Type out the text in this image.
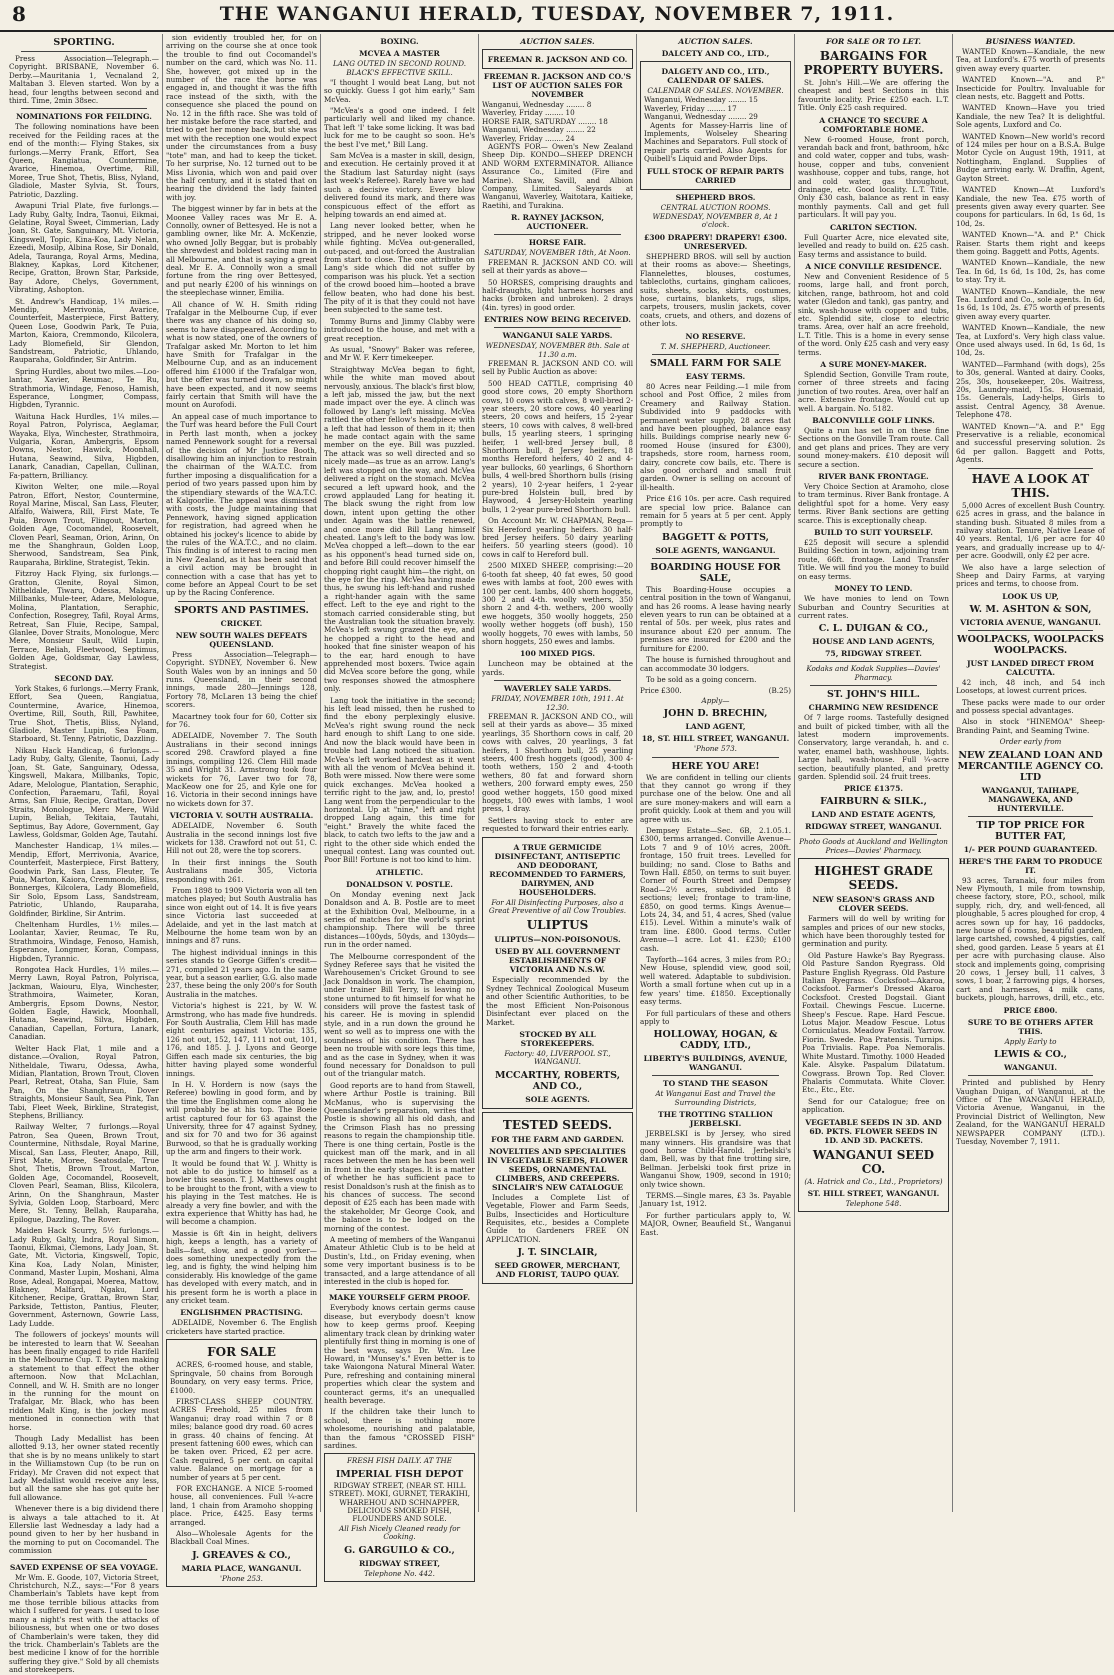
8	THE WANGANUI HERALD, TUESDAY, NOVEMBER 7, 1911.
SPORTING.

Press Association—Telegraph.—Copyright. BRISBANE, November 6. Derby.—Mauritania 1, Vecnaland 2, Maltaban 3. Eleven started. Won by a head, four lengths between second and third. Time, 2min 38sec.

NOMINATIONS FOR FEILDING.

The following nominations have been received for the Feilding races at the end of the month:— Flying Stakes, six furlongs.—Merry Frank, Effort, Sea Queen, Rangiatua, Countermine, Avarice, Hinemoa, Overtime, Rill, Moree, True Shot, Thetis, Bliss, Nyland, Gladiole, Master Sylvia, St. Tours, Patriotic, Dazzling.

Awapuni Trial Plate, five furlongs.—Lady Ruby, Galty, Indra, Taonui, Eikmai, Gelatine, Royal Sweet, Cimmerian, Lady Joan, St. Gate, Sanguinary, Mt. Victoria, Kingswell, Topic, Kina-Koa, Lady Nelan, Ezeedi, Mosilp, Albina Rose, Sir Donald, Adela, Tauranga, Royal Arms, Medina, Blakney, Kapkas, Lord Kitchener, Recipe, Gratton, Brown Star, Parkside, Bay Adore, Chelys, Government, Vibrating, Ashopton.

St. Andrew's Handicap, 1¼ miles.—Mendip, Merrivonia, Avarice, Counterfeit, Masterpiece, First Battery, Queen Lose, Goodwin Park, Te Puia, Marton, Kaiora, Cremmondo, Kilcolera, Lady Blomefield, Sir Glendon, Sandstream, Patriotic, Uhlando, Rauparaha, Goldfinder, Sir Antrim.

Spring Hurdles, about two miles.—Loo-lantar, Xavier, Reumac, Te Ru, Strathmoria, Windage, Fenoso, Hamish, Esperance, Longmer, Compass, Higbden, Tyrannic.

Waituna Hack Hurdles, 1¼ miles.—Royal Patron, Polyrisca, Aeglamar, Wayaka, Elya, Winchester, Strathmoira, Vulgaria, Koran, Ambergris, Epsom Downs, Nestor, Hawick, Moonhall, Hutana, Seawind, Silva, Higbden, Lanark, Canadian, Capellan, Cullinan, Fa-pattern, Brilliancy.

Kiwiton Welter, one mile.—Royal Patron, Effort, Nestor, Countermine, Royal Marine, Miscal, San Lass, Fleuter, Alfalfo, Waiwera, Rill, First Mate, Te Puia, Brown Trout, Flingout, Marton, Golden Age, Cocomandel, Roosevelt, Cloven Pearl, Seaman, Orion, Arinn, On me the Shanghraun, Golden Loop, Sherwood, Sandstream, Sea Pink, Rauparaha, Birkline, Strategist, Tekin.

Fitzroy Hack Flying, six furlongs.—Gratton, Glenite, Royal Simon, Nitheldale, Tiwaru, Odessa, Makara, Millbanks, Mule-teer, Adare, Melologue, Molina, Plantation, Seraphic, Confection, Rosegrey, Tafil, Royal Arms, Retreat, San Fluie, Recipe, Sampal, Glanlee, Dover Straits, Monologue, Merc Mere, Monsieur Sault, Wild Lupin, Terrace, Beliah, Fleetwood, Septimus, Golden Age, Goldsmar, Gay Lawless, Strategist.

SECOND DAY.

York Stakes, 6 furlongs.—Merry Frank, Effort, Sea Queen, Rangiatua, Countermine, Avarice, Hinemoa, Overtime, Rill, South, Rill, Pawhitee, True Shot, Thetis, Bliss, Nyland, Gladiole, Master Lupin, Sea Foam, Starboard, St. Tenny, Patriotic, Dazzling.

Nikau Hack Handicap, 6 furlongs.—Lady Ruby, Galty, Glenite, Taonui, Lady Joan, St. Gate, Sanguinary, Odessa, Kingswell, Makara, Millbanks, Topic, Adare, Melologue, Plantation, Seraphic, Confection, Paraemaru, Tafil, Royal Arms, San Fluie, Recipe, Grattan, Dover Straits, Monologue, Merc Mere, Wild Lupin, Beliah, Tekitaia, Tautahi, Septimus, Bay Adore, Government, Gay Lawless, Goldsmar, Golden Age, Tautahi.

Manchester Handicap, 1¼ miles.—Mendip, Effort, Merrivonia, Avarice, Counterfeit, Masterpiece, First Battery, Goodwin Park, San Lass, Fleuter, Te Puia, Marton, Kaiora, Cremmondo, Bliss, Bonnerges, Kilcolera, Lady Blomefield, Sir Solo, Epsom Lass, Sandstream, Patriotic, Uhlando, Rauparaha, Goldfinder, Birkline, Sir Antrim.

Cheltenham Hurdles, 1½ miles.—Loolantar, Xavier, Reumac, Te Ru, Strathmoira, Windage, Fenoso, Hamish, Esperance, Longmer, Koran, Compass, Higbden, Tyrannic.

Rongotea Hack Hurdles, 1½ miles.—Merry Lawn, Royal Patron, Polyrisca, Jackman, Waiouru, Elya, Winchester, Strathmoira, Waimeter, Koran, Ambergris, Epsom Downs, Nestor, Golden Eagle, Hawick, Moonhall, Hutana, Seawind, Silva, Higbden, Canadian, Capellan, Fortura, Lanark, Canadian.

Welter Hack Flat, 1 mile and a distance.—Ovalion, Royal Patron, Nitheldale, Tiwaru, Odessa, Awha, Midian, Plantation, Brown Trout, Cloven Pearl, Retreat, Otaha, San Fluie, Sam Pan, On the Shanghraun, Dover Straights, Monsieur Sault, Sea Pink, Tan Tabi, Fleet Week, Birkline, Strategist, Stephens, Brilliancy.

Railway Welter, 7 furlongs.—Royal Patron, Sea Queen, Brown Trout, Countermine, Nithsdale, Royal Marine, Miscal, San Lass, Fleuter, Anapo, Rill, First Mate, Moree, Seatosdale, True Shot, Thetis, Brown Trout, Marton, Golden Age, Cocomandel, Roosevelt, Cloven Pearl, Seaman, Bliss, Kilcolera, Arinn, On the Shanghraun, Master Sylvia, Golden Loop, Starboard, Merc Mere, St. Tenny, Bellah, Rauparaha, Epilogue, Dazzling, The Rover.

Maiden Hack Scurry, 5½ furlongs.—Lady Ruby, Galty, Indra, Royal Simon, Taonui, Elkmai, Clemons, Lady Joan, St. Gate, Mt. Victoria, Kingswell, Topic, Kina Koa, Lady Nolan, Minister, Conmand, Master Lupin, Moshani, Alma Rose, Adeal, Rongapai, Moerea, Mattow, Blakney, Malfard, Ngaku, Lord Kitchener, Recipe, Grattan, Brown Star, Parkside, Tettiston, Pantius, Fleuter, Government, Asternown, Gowrie Lass, Lady Ludde.

The followers of jockeys' mounts will be interested to learn that W. Seeahan has been finally engaged to ride Harifell in the Melbourne Cup. T. Payten making a statement to that effect the other afternoon. Now that McLachlan, Connell, and W. H. Smith are no longer in the running for the mount on Trafalgar, Mr. Black, who has been ridden Malt King, is the jockey most mentioned in connection with that horse.

Though Lady Medallist has been allotted 9.13, her owner stated recently that she is by no means unlikely to start in the Williamstown Cup (to be run on Friday). Mr Craven did not expect that Lady Medallist would receive any less, but all the same she has got quite her full allowance.

Whenever there is a big dividend there is always a tale attached to it. At Ellerslie last Wednesday a lady had a pound given to her by her husband in the morning to put on Cocomandel. The commission

SAVED EXPENSE OF SEA VOYAGE.

Mr Wm. E. Goode, 107, Victoria Street, Christchurch, N.Z., says:—"For 8 years Chamberlain's Tablets have kept from me those terrible bilious attacks from which I suffered for years. I used to lose many a night's rest with the attacks of biliousness, but when one or two doses of Chamberlain's were taken, they did the trick. Chamberlain's Tablets are the best medicine I know of for the horrible suffering they give." Sold by all chemists and storekeepers.

sion evidently troubled her, for on arriving on the course she at once took the trouble to find out Cocomandel's number on the card, which was No. 11. She, however, got mixed up in the number of the race the horse was engaged in, and thought it was the fifth race instead of the sixth, with the consequence she placed the pound on No. 12 in the fifth race. She was told of her mistake before the race started, and tried to get her money back, but she was met with the reception one would expect under the circumstances from a busy "tote" man, and had to keep the ticket. To her surprise, No. 12 turned out to be Miss Livonia, which won and paid over the half century, and it is stated that on hearing the dividend the lady fainted with joy.

The biggest winner by far in bets at the Moonee Valley races was Mr E. A. Connolly, owner of Bettesyed. He is not a gambling owner, like Mr. A. McKenzie, who owned Jolly Beggar, but is probably the shrewdest and boldest racing man in all Melbourne, and that is saying a great deal. Mr E. A. Connolly won a small fortune from the ring over Bettesyed, and put nearly £200 of his winnings on the steeplechase winner, Emilia.

All chance of W. H. Smith riding Trafalgar in the Melbourne Cup, if ever there was any chance of his doing so, seems to have disappeared. According to what is now stated, one of the owners of Trafalgar asked Mr. Morton to let him have Smith for Trafalgar in the Melbourne Cup, and as an inducement offered him £1000 if the Trafalgar won, but the offer was turned down, so might have been expected, and it now seems fairly certain that Smith will have the mount on Aurofodi.

An appeal case of much importance to the Turf was heard before the Full Court in Perth last month, when a jockey named Pennework sought for a reversal of the decision of Mr Justice Booth, disallowing him an injunction to restrain the chairman of the W.A.T.C. from further imposing a disqualification for a period of two years passed upon him by the stipendiary stewards of the W.A.T.C. at Kalgoorlie. The appeal was dismissed with costs, the Judge maintaining that Pennework, having signed application for registration, had agreed when he obtained his jockey's licence to abide by the rules of the W.A.T.C., and no claim. This finding is of interest to racing men in New Zealand, as it has been said that a civil action may be brought in connection with a case that has yet to come before an Appeal Court to be set up by the Racing Conference.

SPORTS AND PASTIMES.
CRICKET.
NEW SOUTH WALES DEFEATS QUEENSLAND.

Press Association—Telegraph—Copyright. SYDNEY, November 6. New South Wales won by an innings and 50 runs. Queensland, in their second innings, made 280—Jennings 128, Fortory 78, McLaren 13 being the chief scorers.

Macartney took four for 60, Cotter six for 76.

ADELAIDE, November 7. The South Australians in their second innings scored 298. Crawford played a fine innings, compiling 126. Clem Hill made 35 and Wright 31. Armstrong took four wickets for 76, Laver two for 78, MacKeow one for 25, and Kyle one for 16. Victoria in their second innings have no wickets down for 37.

VICTORIA V. SOUTH AUSTRALIA.

ADELAIDE, November 6. South Australia in the second innings lost five wickets for 138. Crawford not out 51, C. Hill not out 28, were the top scorers.

In their first innings the South Australians made 305, Victoria responding with 261.

From 1898 to 1909 Victoria won all ten matches played; but South Australia has since won eight out of 14. It is five years since Victoria last succeeded at Adelaide, and yet in the last match at Melbourne the home team won by an innings and 87 runs.

The highest individual innings in this series stands to George Giffen's credit—271, compiled 21 years ago. In the same year, but a season earlier, G.G. also made 237, these being the only 200's for South Australia in the matches.

Victoria's highest is 221, by W. W. Armstrong, who has made five hundreds. For South Australia, Clem Hill has made eight centuries against Victoria: 135, 126 not out, 152, 147, 111 not out, 101, 176, and 185. J. J. Lyons and George Giffen each made six centuries, the big hitter having played some wonderful innings.

In H. V. Hordern is now (says the Referee) bowling in good form, and by the time the Englishmen come along he will probably be at his top. The Boeie artist captured four for 63 against the University, three for 47 against Sydney, and six for 70 and two for 36 against Burwood, so that he is gradually working up the arm and fingers to their work.

It would be found that W. J. Whitty is not able to do justice to himself as a bowler this season. T. J. Matthews ought to be brought to the front, with a view to his playing in the Test matches. He is already a very fine bowler, and with the extra experience that Whitty has had, he will become a champion.

Massie is 6ft 4in in height, delivers high, keeps a length, has a variety of balls—fast, slow, and a good yorker—does something unexpectedly from the leg, and is fighty, the wind helping him considerably. His knowledge of the game has developed with every match, and in his present form he is worth a place in any cricket team.

ENGLISHMEN PRACTISING.

ADELAIDE, November 6. The English cricketers have started practice.

FOR SALE

ACRES, 6-roomed house, and stable, Springvale, 50 chains from Borough Boundary, on very easy terms. Price, £1000.

FIRST-CLASS SHEEP COUNTRY. ACRES Freehold, 25 miles from Wanganui; dray road within 7 or 8 miles; balance good dry road. 60 acres in grass. 40 chains of fencing. At present fattening 600 ewes, which can be taken over. Priced, £2 per acre. Cash required, 5 per cent. on capital value. Balance on mortgage for a number of years at 5 per cent.

FOR EXCHANGE. A NICE 5-roomed house, all conveniences. Full ¼-acre land, 1 chain from Aramoho shopping place. Price, £425. Easy terms arranged.

Also—Wholesale Agents for the Blackball Coal Mines.

J. GREAVES & CO.,
MARIA PLACE, WANGANUI.
'Phone 253.
BOXING.
MCVEA A MASTER
LANG OUTED IN SECOND ROUND.
BLACK'S EFFECTIVE SKILL.

"I thought I would beat Lang, but not so quickly. Guess I got him early," Sam McVea.

"McVea's a good one indeed. I felt particularly well and liked my chance. That left 'I' take some licking. It was bad luck for me to be caught so soon. He's the best I've met," Bill Lang.

Sam McVea is a master in skill, design, and execution. He certainly proved it at the Stadium last Saturday night (says last week's Referee). Rarely have we had such a decisive victory. Every blow delivered found its mark, and there was conspicuous effect of the effort as helping towards an end aimed at.

Lang never looked better, when he stripped, and he never looked worse while fighting. McVea out-generalled, out-paced, and out-forced the Australian from start to close. The one attribute on Lang's side which did not suffer by comparison was his pluck. Yet a section of the crowd booed him—hooted a brave fellow beaten, who had done his best. The pity of it is that they could not have been subjected to the same test.

Tommy Burns and Jimmy Clabby were introduced to the house, and met with a great reception.

As usual, "Snowy" Baker was referee, and Mr W. F. Kerr timekeeper.

Straightway McVea began to fight, while the white man moved about nervously, anxious. The black's first blow, a left jab, missed the jaw, but the next made impact over the eye. A clinch was followed by Lang's left missing. McVea rattled the other fellow's headpiece with a left that had lesson of them in it; then he made contact again with the same member on the eye. Bill was puzzled. The attack was so well directed and so nicely made—as true as an arrow. Lang's left was stopped on the way, and McVea delivered a right on the stomach. McVea secured a left upward hook, and the crowd applauded Lang for heating it. The black swung the right from low down, intent upon getting the other under. Again was the battle renewed, and once more did Bill Lang himself cheated. Lang's left to the body was low. McVea chopped a left—down to the ear as his opponent's head turned side on, and before Bill could recover himself the chopping right caught him—the right, on the eye for the ring. McVea having made thus, he swung his left-hand and rushed a right-hander again with the same effect. Left to the eye and right to the stomach carried considerable sting, but the Australian took the situation bravely. McVea's left swung grazed the eye, and he chopped a right to the head and hooked that fine sinister weapon of his to the ear, hard enough to have apprehended most boxers. Twice again did McVea score before the gong, while two responses showed the atmosphere only.

Lang took the initiative in the second; his left lead missed, then he rushed to find the ebony perplexingly elusive. McVea's right swung round the neck hard enough to shift Lang to one side. And now the black would have been in trouble had Lang noticed the situation. McVea's left worked hardest as it went with all the venom of McVea behind it. Both were missed. Now there were some quick exchanges. McVea hooked a terrific right to the jaw, and, lo, presto! Lang went from the perpendicular to the horizontal. Up at "nine," left and right dropped Lang again, this time for "eight." Bravely the white faced the black, to catch two lefts to the jaw and a right to the other side which ended the unequal contest. Lang was counted out. Poor Bill! Fortune is not too kind to him.

ATHLETIC.
DONALDSON V. POSTLE.

On Monday evening next Jack Donaldson and A. B. Postle are to meet at the Exhibition Oval, Melbourne, in a series of matches for the world's sprint championship. There will be three distances—100yds, 50yds, and 130yds—run in the order named.

The Melbourne correspondent of the Sydney Referee says that he visited the Warehousemen's Cricket Ground to see Jack Donaldson in work. The champion, under trainer Bill Terry, is leaving no stone unturned to fit himself for what he considers will prove the fastest task of his career. He is moving in splendid style, and in a run down the ground he went so well as to impress one with the soundness of his condition. There has been no trouble with sore legs this time, and as the case in Sydney, when it was found necessary for Donaldson to pull out of the triangular match.

Good reports are to hand from Stawell, where Arthur Postle is training. Bill McManus, who is supervising the Queenslander's preparation, writes that Postle is showing all his old dash, and the Crimson Flash has no pressing reasons to regain the championship title. There is one thing certain, Postle is the quickest man off the mark, and in all races between the men he has been well in front in the early stages. It is a matter of whether he has sufficient pace to resist Donaldson's rush at the finish as to his chances of success. The second deposit of £25 each has been made with the stakeholder, Mr George Cook, and the balance is to be lodged on the morning of the contest.

A meeting of members of the Wanganui Amateur Athletic Club is to be held at Dustin's, Ltd., on Friday evening, when some very important business is to be transacted, and a large attendance of all interested in the club is hoped for.

MAKE YOURSELF GERM PROOF.

Everybody knows certain germs cause disease, but everybody doesn't know how to keep germs proof. Keeping alimentary track clean by drinking water plentifully first thing in morning is one of the best ways, says Dr. Wm. Lee Howard, in "Munsey's." Even better is to take Waiongona Natural Mineral Water. Pure, refreshing and containing mineral properties which clear the system and counteract germs, it's an unequalled health beverage.

If the children take their lunch to school, there is nothing more wholesome, nourishing and palatable, than the famous "CROSSED FISH" sardines.

FRESH FISH DAILY. AT THE
IMPERIAL FISH DEPOT
RIDGWAY STREET, (NEAR ST. HILL STREET). MOKI, GURNET, TERAKIHI, WHAREHOU AND SCHNAPPER, DELICIOUS SMOKED FISH, FLOUNDERS AND SOLE.
All Fish Nicely Cleaned ready for Cooking.
G. GARGUILO & CO.,
RIDGWAY STREET,
Telephone No. 442.
AUCTION SALES.
FREEMAN R. JACKSON AND CO.
FREEMAN R. JACKSON AND CO.'S LIST OF AUCTION SALES FOR NOVEMBER
Wanganui, Wednesday ........ 8
Waverley, Friday ........ 10
HORSE FAIR, SATURDAY ........ 18
Wanganui, Wednesday ........ 22
Waverley, Friday ........ 24

AGENTS FOR— Owen's New Zealand Sheep Dip. KONDO—SHEEP DRENCH AND WORM EXTERMINATOR. Alliance Assurance Co., Limited (Fire and Marine). Shaw, Savill, and Albion Company, Limited. Saleyards at Wanganui, Waverley, Waitotara, Kaitieke, Raetihi, and Turakina.

R. RAYNEY JACKSON, AUCTIONEER.
HORSE FAIR.
SATURDAY, NOVEMBER 18th, At Noon.

FREEMAN R. JACKSON AND CO. will sell at their yards as above—

50 HORSES, comprising draughts and half-draughts, light harness horses and hacks (broken and unbroken). 2 drays (4in. tyres) in good order.

ENTRIES NOW BEING RECEIVED.
WANGANUI SALE YARDS.
WEDNESDAY, NOVEMBER 8th. Sale at 11.30 a.m.

FREEMAN R. JACKSON AND CO. will sell by Public Auction as above:

500 HEAD CATTLE, comprising 40 good store cows, 20 empty Shorthorn cows, 10 cows with calves, 8 well-bred 2-year steers, 20 store cows, 40 yearling steers, 20 cows and heifers, 15 2-year steers, 10 cows with calves, 8 well-bred bulls, 15 yearling steers, 1 springing heifer, 1 well-bred Jersey bull, 8 Shorthorn bull, 8 Jersey heifers, 18 months Hereford heifers, 40 2 and 4-year bullocks, 60 yearlings, 6 Shorthorn bulls, 4 well-bred Shorthorn bulls (rising 2 years), 10 2-year heifers, 1 2-year pure-bred Holstein bull, bred by Haywood, 4 Jersey-Holstein yearling bulls, 1 2-year pure-bred Shorthorn bull.

On Account Mr. W. CHAPMAN, Rega—Six Hereford yearling heifers. 30 half-bred Jersey heifers. 50 dairy yearling heifers. 50 yearling steers (good). 10 cows in calf to Hereford bull.

2500 MIXED SHEEP, comprising:—20 6-tooth fat sheep, 40 fat ewes, 50 good ewes with lambs at foot, 200 ewes with 100 per cent. lambs, 400 shorn hoggets, 300 2 and 4-th. woolly wethers, 350 shorn 2 and 4-th. wethers, 200 woolly ewe hoggets, 350 woolly hoggets, 250 woolly wether hoggets (off bush), 150 woolly hoggets, 70 ewes with lambs, 50 shorn hoggets, 250 ewes and lambs.

100 MIXED PIGS.

Luncheon may be obtained at the yards.

WAVERLEY SALE YARDS.
FRIDAY, NOVEMBER 10th, 1911. At 12.30.

FREEMAN R. JACKSON AND CO., will sell at their yards as above— 35 mixed yearlings, 35 Shorthorn cows in calf, 20 cows with calves, 20 yearlings, 3 fat heifers, 1 Shorthorn bull, 25 yearling steers, 400 fresh hoggets (good), 300 4-tooth wethers, 150 2 and 4-tooth wethers, 80 fat and forward shorn wethers, 200 forward empty ewes, 250 good wether hoggets, 150 good mixed hoggets, 100 ewes with lambs, 1 wool press, 1 dray.

Settlers having stock to enter are requested to forward their entries early.

A TRUE GERMICIDE DISINFECTANT, ANTISEPTIC AND DEODORANT, RECOMMENDED TO FARMERS, DAIRYMEN, AND HOUSEHOLDERS.
For All Disinfecting Purposes, also a Great Preventive of all Cow Troubles.
ULIPTUS
ULIPTUS—NON-POISONOUS.
USED BY ALL GOVERNMENT ESTABLISHMENTS OF VICTORIA AND N.S.W.

Especially recommended by the Sydney Technical Zoological Museum and other Scientific Authorities, to be the most Efficient Non-Poisonous Disinfectant ever placed on the Market.

STOCKED BY ALL STOREKEEPERS.
Factory: 40, LIVERPOOL ST., WANGANUI.
MCCARTHY, ROBERTS, AND CO.,
SOLE AGENTS.
TESTED SEEDS.
FOR THE FARM AND GARDEN.
NOVELTIES AND SPECIALITIES IN VEGETABLE SEEDS, FLOWER SEEDS, ORNAMENTAL CLIMBERS, AND CREEPERS. SINCLAIR'S NEW CATALOGUE

Includes a Complete List of Vegetable, Flower and Farm Seeds, Bulbs, Insecticides and Horticulture Requisites, etc., besides a Complete Guide to Gardeners FREE ON APPLICATION.

J. T. SINCLAIR,
SEED GROWER, MERCHANT, AND FLORIST, TAUPO QUAY.
AUCTION SALES.
DALCETY AND CO., LTD.,
DALGETY AND CO., LTD., CALENDAR OF SALES.
CALENDAR OF SALES. NOVEMBER.
Wanganui, Wednesday ........ 15
Waverley, Friday ........ 17
Wanganui, Wednesday ........ 29

Agents for Massey-Harris line of Implements, Wolseley Shearing Machines and Separators. Full stock of repair parts carried. Also Agents for Quibell's Liquid and Powder Dips.

FULL STOCK OF REPAIR PARTS CARRIED
SHEPHERD BROS.
CENTRAL AUCTION ROOMS.
WEDNESDAY, NOVEMBER 8, At 1 o'clock.
£300 DRAPERY! DRAPERY! £300. UNRESERVED.

SHEPHERD BROS. will sell by auction at their rooms as above:— Sheetings, Flannelettes, blouses, costumes, tablecloths, curtains, gingham calicoes, suits, sheets, socks, skirts, costumes, hose, curtains, blankets, rugs, slips, carpets, trousers, muslin jackets, cover coats, cruets, and others, and dozens of other lots.

NO RESERVE.
T. M. SHEPHERD, Auctioneer.
SMALL FARM FOR SALE
EASY TERMS.

80 Acres near Feilding.—1 mile from school and Post Office, 2 miles from Creamery and Railway Station. Subdivided into 9 paddocks with permanent water supply, 28 acres flat and have been ploughed, balance easy hills. Buildings comprise nearly new 6-roomed House (insured for £300), trapsheds, store room, harness room, dairy, concrete cow bails, etc. There is also good orchard and small fruit garden. Owner is selling on account of ill-health.

Price £16 10s. per acre. Cash required are special low price. Balance can remain for 5 years at 5 per cent. Apply promptly to

BAGGETT & POTTS,
SOLE AGENTS, WANGANUI.
BOARDING HOUSE FOR SALE,

This Boarding-House occupies a central position in the town of Wanganui, and has 26 rooms. A lease having nearly eleven years to run can be obtained at a rental of 50s. per week, plus rates and insurance about £20 per annum. The premises are insured for £200 and the furniture for £200.

The house is furnished throughout and can accommodate 30 lodgers.

To be sold as a going concern.

Price £300.	(B.25)
Apply—
JOHN D. BRECHIN,
LAND AGENT,
18, ST. HILL STREET, WANGANUI.
'Phone 573.
HERE YOU ARE!

We are confident in telling our clients that they cannot go wrong if they purchase one of the below. One and all are sure money-makers and will earn a profit quickly. Look at them and you will agree with us.

Dempsey Estate—Sec. 6B, 2.1.05.1. £300, terms arranged. Conville Avenue—Lots 7 and 9 of 10½ acres, 200ft. frontage, 150 fruit trees. Levelled for building; no sand. Close to Baths and Town Hall. £850, on terms to suit buyer. Corner of Fourth Street and Dempsey Road—2½ acres, subdivided into 8 sections; level; frontage to tram-line, £850, on good terms. Kings Avenue—Lots 24, 34, and 51, 4 acres, Shed (value £15). Level. Within a minute's walk of tram line. £800. Good terms. Cutler Avenue—1 acre. Lot 41. £230; £100 cash.

Tayforth—164 acres, 3 miles from P.O.; New House, splendid view, good soil, well watered. Adaptable to subdivision. Worth a small fortune when cut up in a few years' time. £1850. Exceptionally easy terms.

For full particulars of these and others apply to

HOLLOWAY, HOGAN, & CADDY, LTD.,
LIBERTY'S BUILDINGS, AVENUE, WANGANUI.
TO STAND THE SEASON
At Wanganui East and Travel the Surrounding Districts,
THE TROTTING STALLION JERBELSKI.

JERBELSKI is by Jersey, who sired many winners. His grandsire was that good horse Child-Harold. Jerbelski's dam, Bell, was by that fine trotting sire, Bellman. Jerbelski took first prize in Wanganui Show, 1909, second in 1910; only twice shown.

TERMS.—Single mares, £3 3s. Payable January 1st, 1912.

For further particulars apply to, W. MAJOR, Owner, Beaufield St., Wanganui East.

FOR SALE OR TO LET.
BARGAINS FOR PROPERTY BUYERS.

St. John's Hill.—We are offering the cheapest and best Sections in this favourite locality. Price £250 each. L.T. Title. Only £25 cash required.

A CHANCE TO SECURE A COMFORTABLE HOME.

New 6-roomed House, front porch, verandah back and front, bathroom, h&c and cold water, copper and tubs, wash-house, copper and tubs, convenient washhouse, copper and tubs, range, hot and cold water, gas throughout, drainage, etc. Good locality. L.T. Title. Only £30 cash, balance as rent in easy monthly payments. Call and get full particulars. It will pay you.

CARLTON SECTION.

Full Quarter Acre, nice elevated site, levelled and ready to build on. £25 cash. Easy terms and assistance to build.

A NICE CONVILLE RESIDENCE.

New and Convenient Residence of 5 rooms, large hall, and front porch, kitchen, range, bathroom, hot and cold water (Gledon and tank), gas pantry, and sink, wash-house with copper and tubs, etc. Splendid site, close to electric trams. Area, over half an acre freehold, L.T. Title. This is a home in every sense of the word. Only £25 cash and very easy terms.

A SURE MONEY-MAKER.

Splendid Section, Gonville Tram route, corner of three streets and facing junction of two routes. Area, over half an acre. Extensive frontage. Would cut up well. A bargain. No. 5182.

BALCONVILLE GOLF LINKS.

Quite a run has set in on these fine Sections on the Gonville Tram route. Call and get plans and prices. They are very sound money-makers. £10 deposit will secure a section.

RIVER BANK FRONTAGE.

Very Choice Section at Aramoho, close to tram terminus. River Bank frontage. A delightful spot for a home. Very easy terms. River Bank sections are getting scarce. This is exceptionally cheap.

BUILD TO SUIT YOURSELF.

£25 deposit will secure a splendid Building Section in town, adjoining tram route, 66ft. frontage. Land Transfer Title. We will find you the money to build on easy terms.

MONEY TO LEND.

We have monies to lend on Town Suburban and Country Securities at current rates.

C. L. DUIGAN & CO.,
HOUSE AND LAND AGENTS,
75, RIDGWAY STREET.

Kodaks and Kodak Supplies—Davies' Pharmacy.

ST. JOHN'S HILL.
CHARMING NEW RESIDENCE

Of 7 large rooms. Tastefully designed and built of picked timber, with all the latest modern improvements. Conservatory, large verandah, h. and c. water, enamel bath, washhouse, lights. Large hall, wash-house. Full ¼-acre section, beautifully planted, and pretty garden. Splendid soil. 24 fruit trees.

PRICE £1375.
FAIRBURN & SILK.,
LAND AND ESTATE AGENTS,
RIDGWAY STREET, WANGANUI.

Photo Goods at Auckland and Wellington Prices—Davies' Pharmacy.

HIGHEST GRADE SEEDS.
NEW SEASON'S GRASS AND CLOVER SEEDS.

Farmers will do well by writing for samples and prices of our new stocks, which have been thoroughly tested for germination and purity.

Old Pasture Hawke's Bay Ryegrass. Old Pasture Sandon Ryegrass. Old Pasture English Ryegrass. Old Pasture Italian Ryegrass. Cocksfoot—Akaroa, Cocksfoot. Farmer's Dressed Akaroa Cocksfoot. Crested Dogstail. Giant Foxtail. Chewings Fescue. Lucerne. Sheep's Fescue. Rape. Hard Fescue. Lotus Major. Meadow Fescue. Lotus Corniculatus. Meadow Foxtail. Yarrow. Fiorin. Swede. Poa Pratensis. Turnips. Poa Trivialis. Rape. Poa Nemoralis. White Mustard. Timothy. 1000 Headed Kale. Alsyke. Paspalum Dilatatum. Cowgrass. Brown Top. Red Clover. Phalaris Commutata. White Clover. Etc., Etc., Etc.

Send for our Catalogue; free on application.

VEGETABLE SEEDS IN 3D. AND 6D. PKTS. FLOWER SEEDS IN 1D. AND 3D. PACKETS.
WANGANUI SEED CO.
(A. Hatrick and Co., Ltd., Proprietors)
ST. HILL STREET, WANGANUI.
Telephone 548.
BUSINESS WANTED.

WANTED Known—Kandiale, the new Tea, at Luxford's. £75 worth of presents given away every quarter.

WANTED Known—"A. and P." Insecticide for Poultry. Invaluable for clean nests, etc. Baggett and Potts.

WANTED Known—Have you tried Kandiale, the new Tea? It is delightful. Sole agents, Luxford and Co.

WANTED Known—New world's record of 124 miles per hour on a B.S.A. Bulge Motor Cycle on August 19th, 1911, at Nottingham, England. Supplies of Budge arriving early. W. Draffin, Agent, Gayton Street.

WANTED Known—At Luxford's Kandiale, the new Tea. £75 worth of presents given away every quarter. See coupons for particulars. In 6d, 1s 6d, 1s 10d, 2s.

WANTED Known—"A. and P." Chick Raiser. Starts them right and keeps them going. Baggett and Potts, Agents.

WANTED Known—Kandiale, the new Tea. In 6d, 1s 6d, 1s 10d, 2s, has come to stay. Try it.

WANTED Known—Kandiale, the new Tea. Luxford and Co., sole agents. In 6d, 1s 6d, 1s 10d, 2s. £75 worth of presents given away every quarter.

WANTED Known—Kandiale, the new Tea, at Luxford's. Very high class value. Once used always used. In 6d, 1s 6d, 1s 10d, 2s.

WANTED—Farmhand (with dogs), 25s to 30s, general. Wanted at dairy. Cooks, 25s, 30s, housekeeper, 20s. Waitress, 20s, Laundry-maid, 15s. Housemaid, 15s. Generals, Lady-helps, Girls to assist. Central Agency, 38 Avenue. Telephone 478.

WANTED Known—"A. and P." Egg Preservative is a reliable, economical and successful preserving solution. 2s 6d per gallon. Baggett and Potts, Agents.

HAVE A LOOK AT THIS.

5,000 Acres of excellent Bush Country. 625 acres in grass, and the balance in standing bush. Situated 8 miles from a railway station. Tenure, Native Lease of 40 years. Rental, 1/6 per acre for 40 years, and gradually increase up to 4/- per acre. Goodwill, only £2 per acre.

We also have a large selection of Sheep and Dairy Farms, at varying prices and terms, to choose from.

LOOK US UP,
W. M. ASHTON & SON,
VICTORIA AVENUE, WANGANUI.
WOOLPACKS, WOOLPACKS WOOLPACKS.
JUST LANDED DIRECT FROM CALCUTTA.

42 inch, 48 inch, and 54 inch Loosetops, at lowest current prices.

These packs were made to our order and possess special advantages.

Also in stock "HINEMOA" Sheep-Branding Paint, and Seaming Twine.

Order early from
NEW ZEALAND LOAN AND MERCANTILE AGENCY CO. LTD
WANGANUI, TAIHAPE, MANGAWEKA, AND HUNTERVILLE.
TIP TOP PRICE FOR BUTTER FAT,
1/- PER POUND GUARANTEED.
HERE'S THE FARM TO PRODUCE IT.

93 acres, Taranaki, four miles from New Plymouth, 1 mile from township, cheese factory, store, P.O., school, milk supply, rich, dry, and well-fenced, all ploughable, 5 acres ploughed for crop, 4 acres sown up for hay, 16 paddocks, new house of 6 rooms, beautiful garden, large cartshed, cowshed, 4 pigsties, calf shed, good garden. Lease 5 years at £1 per acre with purchasing clause. Also stock and implements going, comprising 20 cows, 1 Jersey bull, 11 calves, 3 sows, 1 boar, 2 farrowing pigs, 4 horses, cart and harnesses, 4 milk cans, buckets, plough, harrows, drill, etc., etc.

PRICE £800.
SURE TO BE OTHERS AFTER THIS.
Apply Early to
LEWIS & CO.,
WANGANUI.

Printed and published by Henry Vaughan Duigan, of Wanganui, at the Office of The WANGANUI HERALD, Victoria Avenue, Wanganui, in the Provincial District of Wellington, New Zealand, for the WANGANUI HERALD NEWSPAPER COMPANY (LTD.). Tuesday, November 7, 1911.
